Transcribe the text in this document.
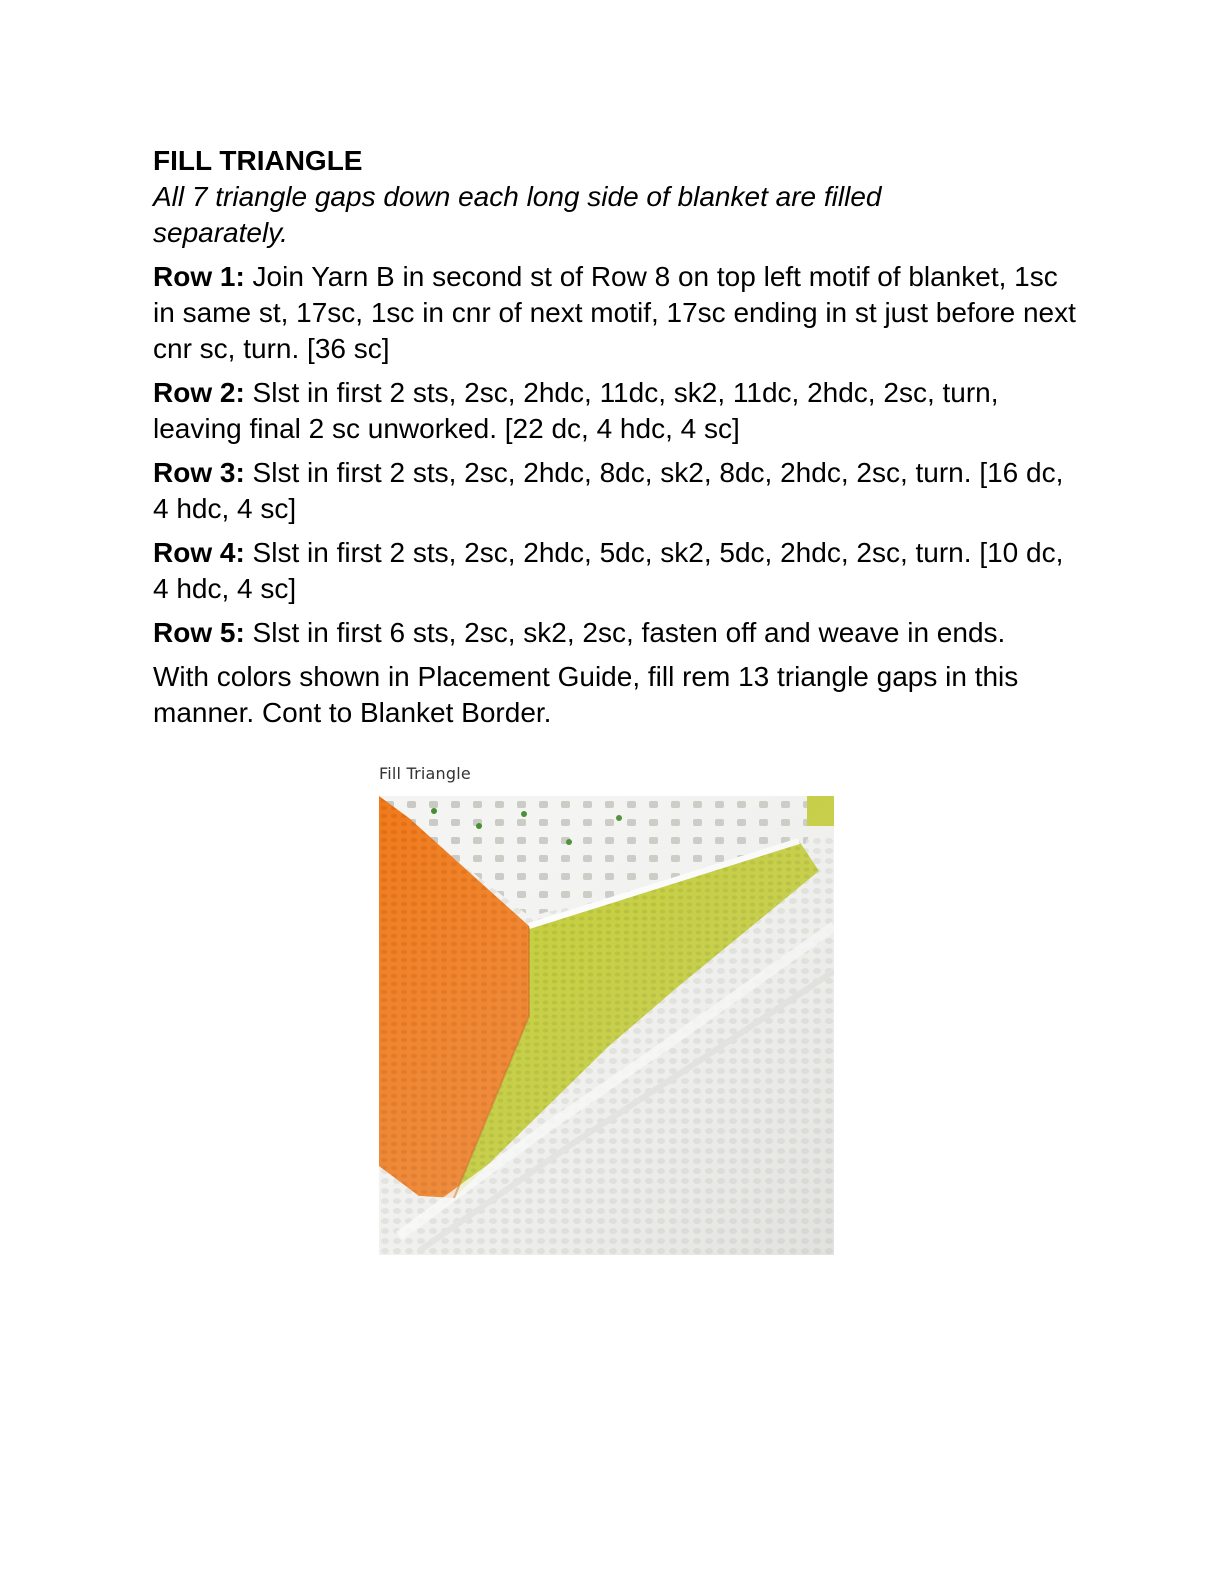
FILL TRIANGLE

All 7 triangle gaps down each long side of blanket are filled separately.

Row 1: Join Yarn B in second st of Row 8 on top left motif of blanket, 1sc in same st, 17sc, 1sc in cnr of next motif, 17sc ending in st just before next cnr sc, turn. [36 sc]

Row 2: Slst in first 2 sts, 2sc, 2hdc, 11dc, sk2, 11dc, 2hdc, 2sc, turn, leaving final 2 sc unworked. [22 dc, 4 hdc, 4 sc]

Row 3: Slst in first 2 sts, 2sc, 2hdc, 8dc, sk2, 8dc, 2hdc, 2sc, turn. [16 dc, 4 hdc, 4 sc]

Row 4: Slst in first 2 sts, 2sc, 2hdc, 5dc, sk2, 5dc, 2hdc, 2sc, turn. [10 dc, 4 hdc, 4 sc]

Row 5: Slst in first 6 sts, 2sc, sk2, 2sc, fasten off and weave in ends.

With colors shown in Placement Guide, fill rem 13 triangle gaps in this manner. Cont to Blanket Border.

Fill Triangle
